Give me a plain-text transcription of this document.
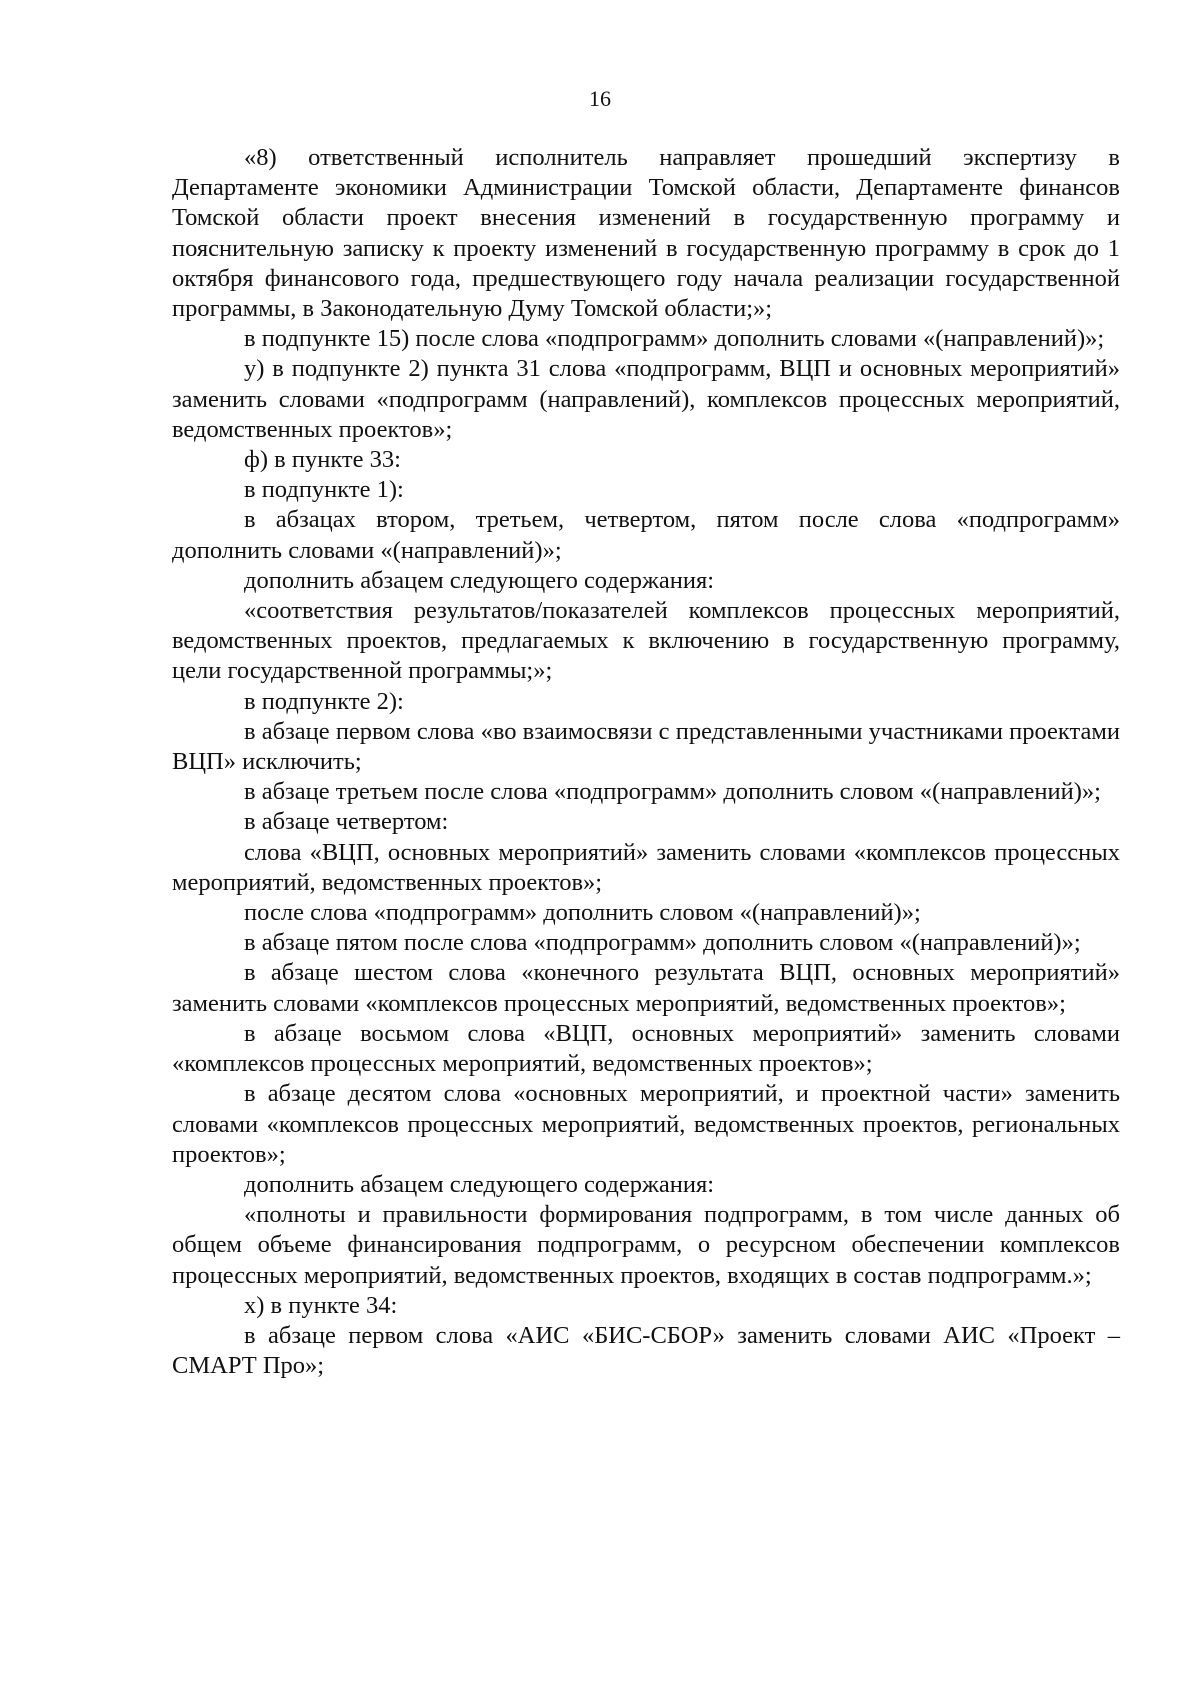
16

«8) ответственный исполнитель направляет прошедший экспертизу в Департаменте экономики Администрации Томской области, Департаменте финансов Томской области проект внесения изменений в государственную программу и пояснительную записку к проекту изменений в государственную программу в срок до 1 октября финансового года, предшествующего году начала реализации государственной программы, в Законодательную Думу Томской области;»;

в подпункте 15) после слова «подпрограмм» дополнить словами «(направлений)»;

у) в подпункте 2) пункта 31 слова «подпрограмм, ВЦП и основных мероприятий» заменить словами «подпрограмм (направлений), комплексов процессных мероприятий, ведомственных проектов»;

ф) в пункте 33:

в подпункте 1):

в абзацах втором, третьем, четвертом, пятом после слова «подпрограмм» дополнить словами «(направлений)»;

дополнить абзацем следующего содержания:

«соответствия результатов/показателей комплексов процессных мероприятий, ведомственных проектов, предлагаемых к включению в государственную программу, цели государственной программы;»;

в подпункте 2):

в абзаце первом слова «во взаимосвязи с представленными участниками проектами ВЦП» исключить;

в абзаце третьем после слова «подпрограмм» дополнить словом «(направлений)»;

в абзаце четвертом:

слова «ВЦП, основных мероприятий» заменить словами «комплексов процессных мероприятий, ведомственных проектов»;

после слова «подпрограмм» дополнить словом «(направлений)»;

в абзаце пятом после слова «подпрограмм» дополнить словом «(направлений)»;

в абзаце шестом слова «конечного результата ВЦП, основных мероприятий» заменить словами «комплексов процессных мероприятий, ведомственных проектов»;

в абзаце восьмом слова «ВЦП, основных мероприятий» заменить словами «комплексов процессных мероприятий, ведомственных проектов»;

в абзаце десятом слова «основных мероприятий, и проектной части» заменить словами «комплексов процессных мероприятий, ведомственных проектов, региональных проектов»;

дополнить абзацем следующего содержания:

«полноты и правильности формирования подпрограмм, в том числе данных об общем объеме финансирования подпрограмм, о ресурсном обеспечении комплексов процессных мероприятий, ведомственных проектов, входящих в состав подпрограмм.»;

х) в пункте 34:

в абзаце первом слова «АИС «БИС-СБОР» заменить словами АИС «Проект – СМАРТ Про»;
